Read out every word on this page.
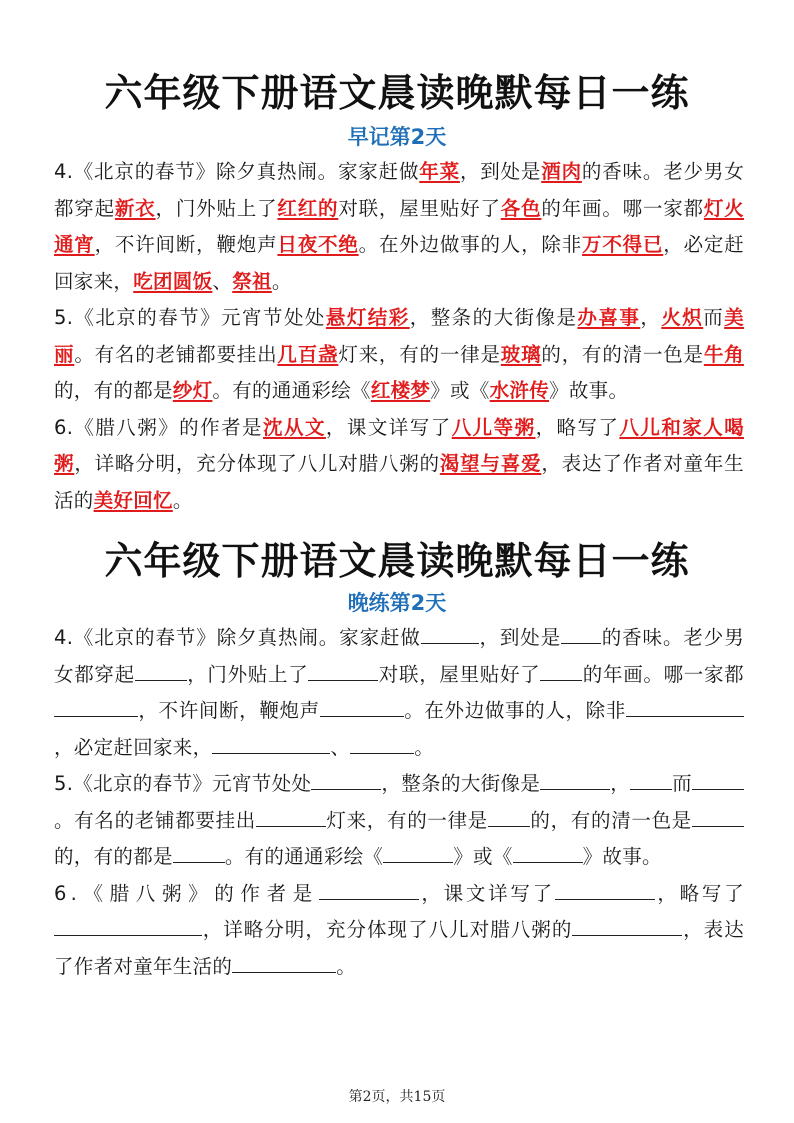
六年级下册语文晨读晚默每日一练
早记第2天

4.《北京的春节》除夕真热闹。家家赶做年菜，到处是酒肉的香味。老少男女都穿起新衣，门外贴上了红红的对联，屋里贴好了各色的年画。哪一家都灯火通宵，不许间断，鞭炮声日夜不绝。在外边做事的人，除非万不得已，必定赶回家来，吃团圆饭、祭祖。

5.《北京的春节》元宵节处处悬灯结彩，整条的大街像是办喜事，火炽而美丽。有名的老铺都要挂出几百盏灯来，有的一律是玻璃的，有的清一色是牛角的，有的都是纱灯。有的通通彩绘《红楼梦》或《水浒传》故事。

6.《腊八粥》的作者是沈从文，课文详写了八儿等粥，略写了八儿和家人喝粥，详略分明，充分体现了八儿对腊八粥的渴望与喜爱，表达了作者对童年生活的美好回忆。

六年级下册语文晨读晚默每日一练
晚练第2天

4.《北京的春节》除夕真热闹。家家赶做	，到处是 的香味。老少男女都穿起	，门外贴上了	对联，屋里贴好了 的年画。哪一家都，不许间断，鞭炮声	。在外边做事的人，除非，必定赶回家来，	、	。

5.《北京的春节》元宵节处处	，整条的大街像是	， 而。有名的老铺都要挂出	灯来，有的一律是 的，有的清一色是的，有的都是	。有的通通彩绘《	》或《	》故事。

6.《腊八粥》的作者是	，课文详写了	，略写了，详略分明，充分体现了八儿对腊八粥的	，表达了作者对童年生活的	。

第2页，共15页
